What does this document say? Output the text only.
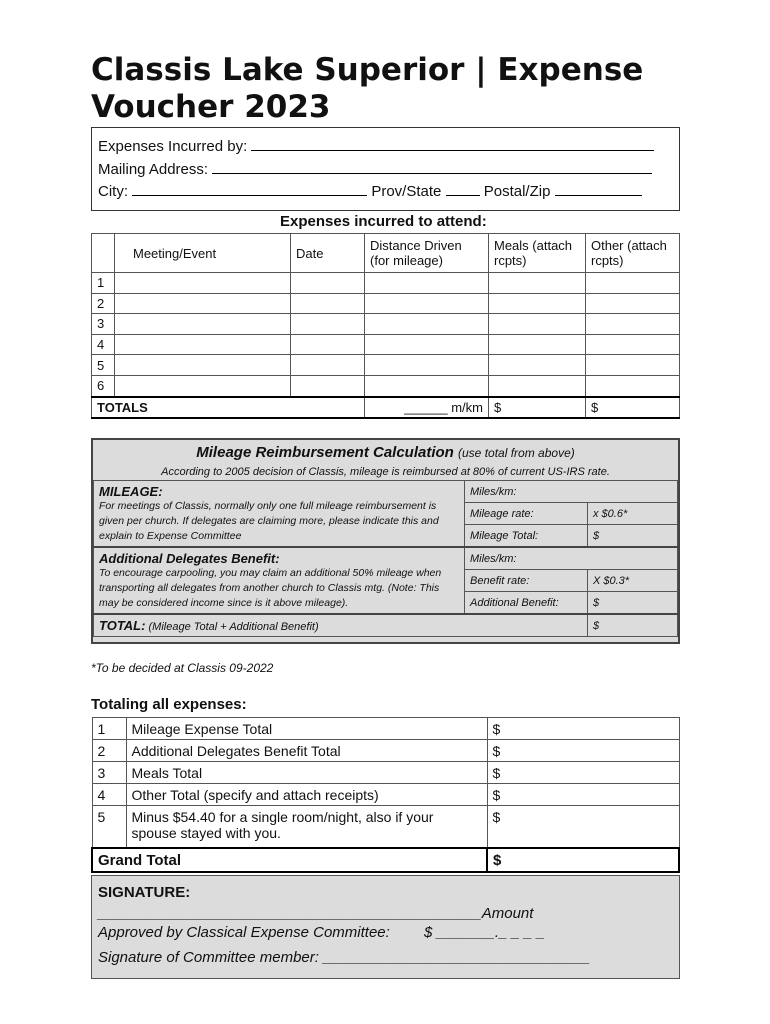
Classis Lake Superior | Expense Voucher 2023
Expenses Incurred by:
Mailing Address:
City:	Prov/State	Postal/Zip
Expenses incurred to attend:
	Meeting/Event	Date	Distance Driven (for mileage)	Meals (attach rcpts)	Other (attach rcpts)
1					
2					
3					
4					
5					
6					
TOTALS			______ m/km	$	$
Mileage Reimbursement Calculation (use total from above)
According to 2005 decision of Classis, mileage is reimbursed at 80% of current US-IRS rate.
MILEAGE:
For meetings of Classis, normally only one full mileage reimbursement is given per church. If delegates are claiming more, please indicate this and explain to Expense Committee	Miles/km:	
	Mileage rate:	x $0.6*
	Mileage Total:	$

Additional Delegates Benefit:
To encourage carpooling, you may claim an additional 50% mileage when transporting all delegates from another church to Classis mtg. (Note: This may be considered income since is it above mileage).	Miles/km:	
	Benefit rate:	X $0.3*
	Additional Benefit:	$
TOTAL: (Mileage Total + Additional Benefit)		$
*To be decided at Classis 09-2022
Totaling all expenses:
1	Mileage Expense Total	$
2	Additional Delegates Benefit Total	$
3	Meals Total	$
4	Other Total (specify and attach receipts)	$
5	Minus $54.40 for a single room/night, also if your spouse stayed with you.	$
Grand Total		$
SIGNATURE:
______________________________________________Amount
Approved by Classical Expense Committee: $ _______._ _ _ _
Signature of Committee member: ________________________________
